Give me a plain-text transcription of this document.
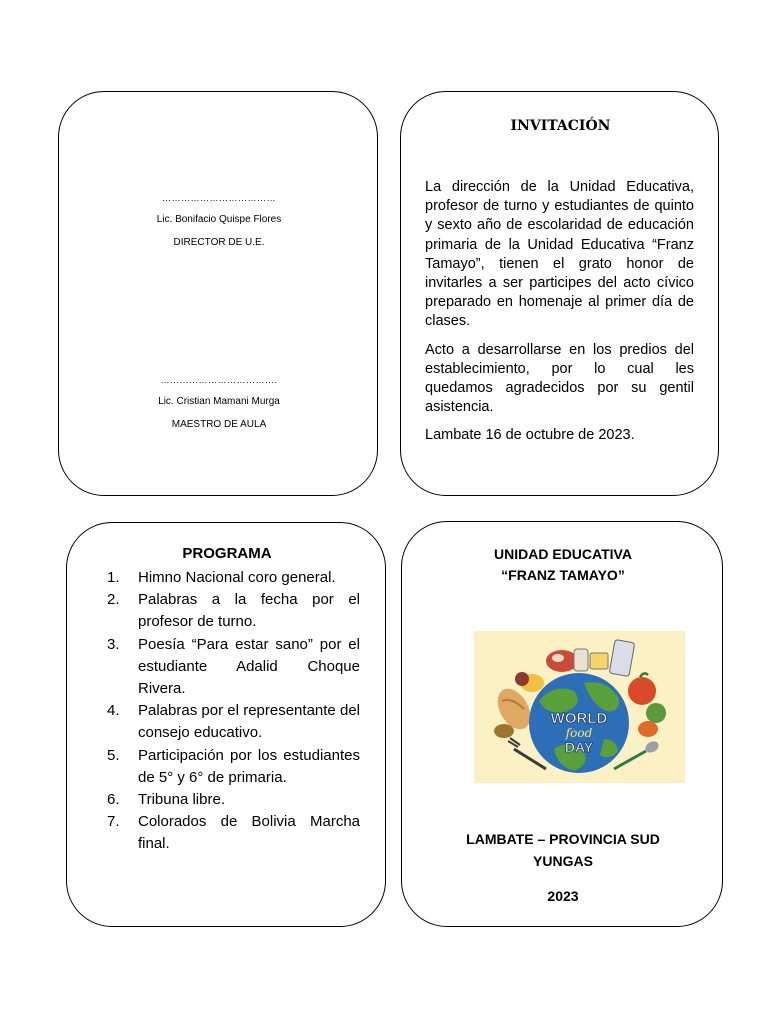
………………………………
Lic. Bonifacio Quispe Flores
DIRECTOR DE U.E.
……………………………….
Lic. Cristian Mamani Murga
MAESTRO DE AULA
INVITACIÓN

La dirección de la Unidad Educativa, profesor de turno y estudiantes de quinto y sexto año de escolaridad de educación primaria de la Unidad Educativa “Franz Tamayo”, tienen el grato honor de invitarles a ser participes del acto cívico preparado en homenaje al primer día de clases.

Acto a desarrollarse en los predios del establecimiento, por lo cual les quedamos agradecidos por su gentil asistencia.

Lambate 16 de octubre de 2023.

PROGRAMA
1.	Himno Nacional coro general.
2.	Palabras a la fecha por el profesor de turno.
3.	Poesía “Para estar sano” por el estudiante Adalid Choque Rivera.
4.	Palabras por el representante del consejo educativo.
5.	Participación por los estudiantes de 5° y 6° de primaria.
6.	Tribuna libre.
7.	Colorados de Bolivia Marcha final.
UNIDAD EDUCATIVA
“FRANZ TAMAYO”
WORLD
food
DAY
LAMBATE – PROVINCIA SUD
YUNGAS
2023
